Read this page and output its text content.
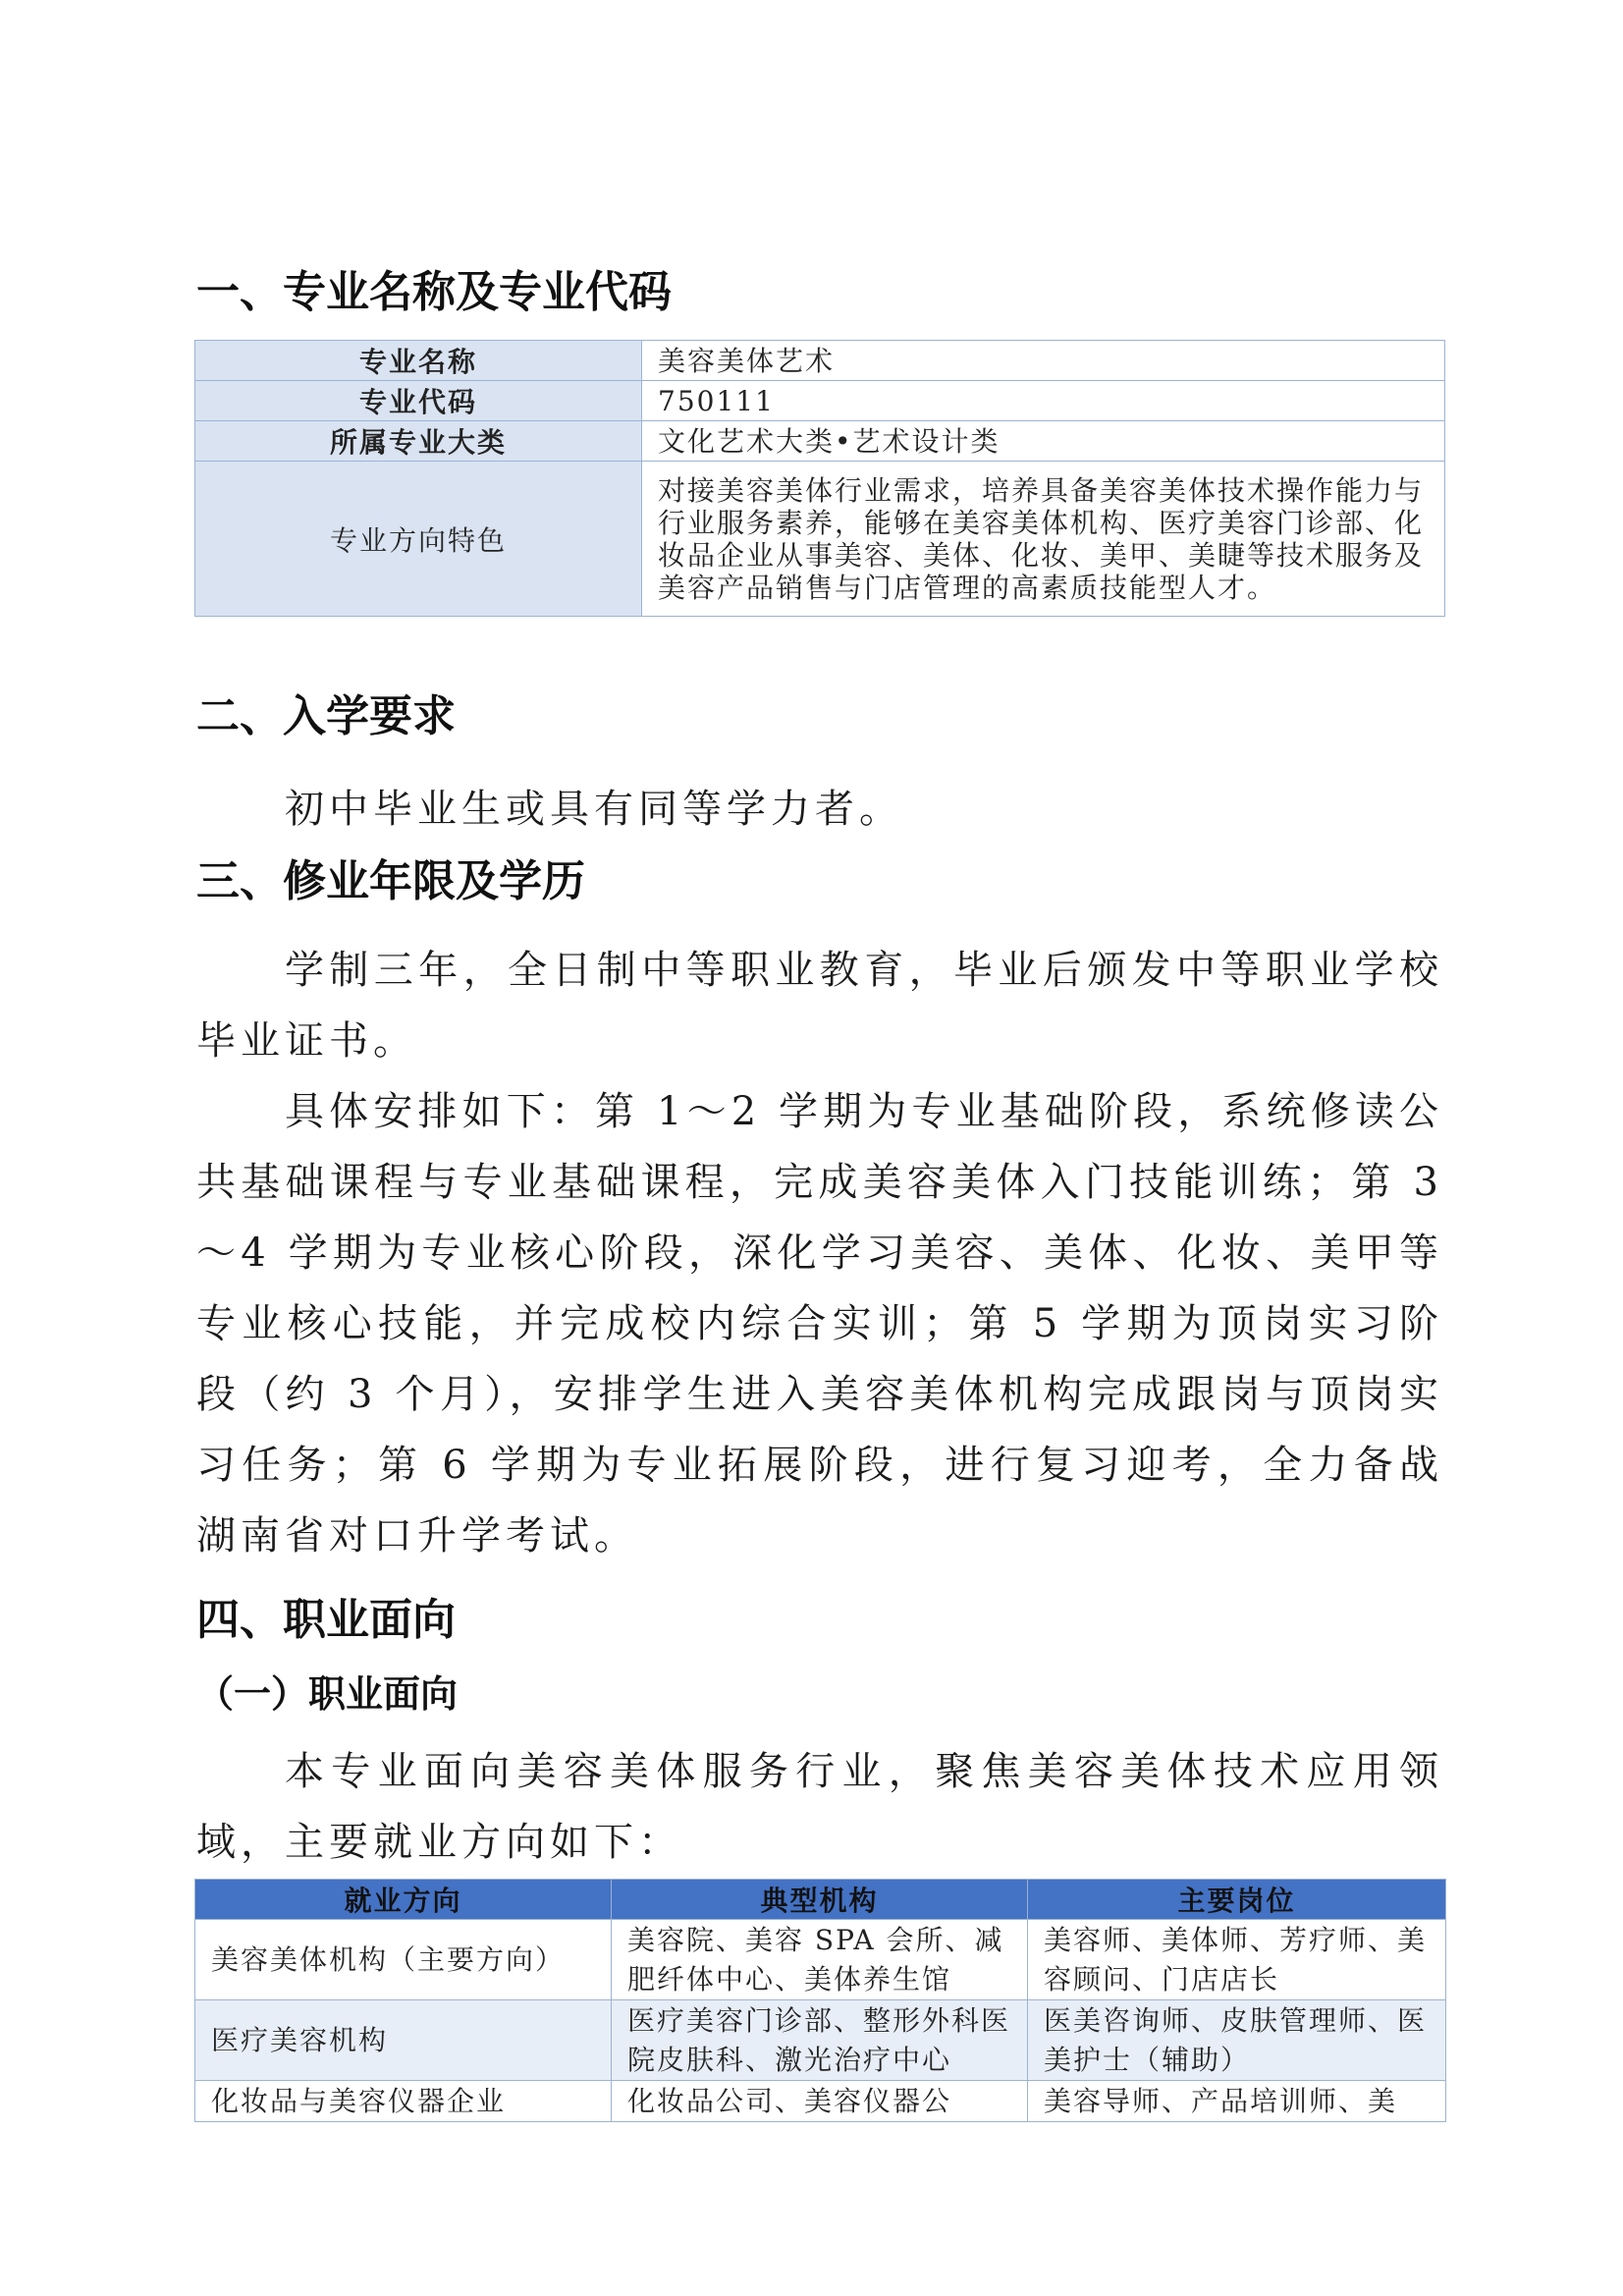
一、专业名称及专业代码
专业名称	美容美体艺术
专业代码	750111
所属专业大类	文化艺术大类•艺术设计类
专业方向特色	对接美容美体行业需求，培养具备美容美体技术操作能力与行业服务素养，能够在美容美体机构、医疗美容门诊部、化妆品企业从事美容、美体、化妆、美甲、美睫等技术服务及美容产品销售与门店管理的高素质技能型人才。
二、入学要求

初中毕业生或具有同等学力者。

三、修业年限及学历

学制三年，全日制中等职业教育，毕业后颁发中等职业学校毕业证书。

具体安排如下：第 1～2 学期为专业基础阶段，系统修读公共基础课程与专业基础课程，完成美容美体入门技能训练；第 3～4 学期为专业核心阶段，深化学习美容、美体、化妆、美甲等专业核心技能，并完成校内综合实训；第 5 学期为顶岗实习阶段（约 3 个月），安排学生进入美容美体机构完成跟岗与顶岗实习任务；第 6 学期为专业拓展阶段，进行复习迎考，全力备战湖南省对口升学考试。

四、职业面向
（一）职业面向

本专业面向美容美体服务行业，聚焦美容美体技术应用领域，主要就业方向如下：

就业方向	典型机构	主要岗位
美容美体机构（主要方向）	美容院、美容 SPA 会所、减肥纤体中心、美体养生馆	美容师、美体师、芳疗师、美容顾问、门店店长
医疗美容机构	医疗美容门诊部、整形外科医院皮肤科、激光治疗中心	医美咨询师、皮肤管理师、医美护士（辅助）
化妆品与美容仪器企业	化妆品公司、美容仪器公	美容导师、产品培训师、美
